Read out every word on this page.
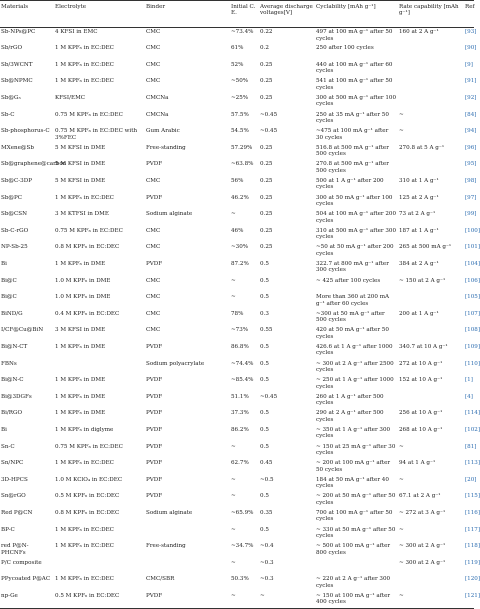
Materials	Electrolyte	Binder	Initial C. E.	Average discharge voltages[V]	Cyclability [mAh g⁻¹]	Rate capability [mAh g⁻¹]	Ref
Sb-NPs@PC	4 KFSI in EMC	CMC	~73.4%	0.22	497 at 100 mA g⁻¹ after 50 cycles	160 at 2 A g⁻¹	[93]
Sb/rGO	1 M KPF₆ in EC:DEC	CMC	61%	0.2	250 after 100 cycles		[90]
Sb/3WCNT	1 M KPF₆ in EC:DEC	CMC	52%	0.25	440 at 100 mA g⁻¹ after 60 cycles		[9]
Sb@NPMC	1 M KPF₆ in EC:DEC	CMC	~50%	0.25	541 at 100 mA g⁻¹ after 50 cycles		[91]
Sb@G₃	KFSI/EMC	CMCNa	~25%	0.25	300 at 500 mA g⁻¹ after 100 cycles		[92]
Sb-C	0.75 M KPF₆ in EC:DEC	CMCNa	57.5%	~0.45	250 at 35 mA g⁻¹ after 50 cycles	~	[84]
Sb-phosphorus-C	0.75 M KPF₆ in EC:DEC with 3%FEC	Gum Arabic	54.5%	~0.45	~475 at 100 mA g⁻¹ after 30 cycles	~	[94]
MXene@Sb	5 M KFSI in DME	Free-standing	57.29%	0.25	516.8 at 500 mA g⁻¹ after 500 cycles	270.8 at 5 A g⁻¹	[96]
Sb@graphene@carbon	5 M KFSI in DME	PVDF	~63.8%	0.25	270.8 at 500 mA g⁻¹ after 500 cycles		[95]
Sb@C-3DP	5 M KFSI in DME	CMC	56%	0.25	500 at 1 A g⁻¹ after 200 cycles	310 at 1 A g⁻¹	[98]
Sb@PC	1 M KPF₆ in EC:DEC	PVDF	46.2%	0.25	300 at 50 mA g⁻¹ after 100 cycles	125 at 2 A g⁻¹	[97]
Sb@CSN	3 M KTFSI in DME	Sodium alginate	~	0.25	504 at 100 mA g⁻¹ after 200 cycles	73 at 2 A g⁻¹	[99]
Sb-C-rGO	0.75 M KPF₆ in EC:DEC	CMC	46%	0.25	310 at 500 mA g⁻¹ after 300 cycles	187 at 1 A g⁻¹	[100]
NP-Sb-25	0.8 M KPF₆ in EC:DEC	CMC	~30%	0.25	~50 at 50 mA g⁻¹ after 200 cycles	265 at 500 mA g⁻¹	[101]
Bi	1 M KPF₆ in DME	PVDF	87.2%	0.5	322.7 at 800 mA g⁻¹ after 300 cycles	384 at 2 A g⁻¹	[104]
Bi@C	1.0 M KPF₆ in DME	CMC	~	0.5	~ 425 after 100 cycles	~ 150 at 2 A g⁻¹	[106]
Bi@C	1.0 M KPF₆ in DME	CMC	~	0.5	More than 360 at 200 mA g⁻¹ after 60 cycles		[105]
BiND/G	0.4 M KPF₆ in EC:DEC	CMC	78%	0.3	~300 at 50 mA g⁻¹ after 500 cycles	200 at 1 A g⁻¹	[107]
I/CF@Cu@BiN	3 M KFSI in DME	CMC	~73%	0.55	420 at 50 mA g⁻¹ after 50 cycles		[108]
Bi@N-CT	1 M KPF₆ in DME	PVDF	86.8%	0.5	426.6 at 1 A g⁻¹ after 1000 cycles	340.7 at 10 A g⁻¹	[109]
FBNs		Sodium polyacrylate	~74.4%	0.5	~ 300 at 2 A g⁻¹ after 2500 cycles	272 at 10 A g⁻¹	[110]
Bi@N-C	1 M KPF₆ in DME	PVDF	~85.4%	0.5	~ 250 at 1 A g⁻¹ after 1000 cycles	152 at 10 A g⁻¹	[1]
Bi@3DGFs	1 M KPF₆ in DME	PVDF	51.1%	~0.45	260 at 1 A g⁻¹ after 500 cycles		[4]
Bi/RGO	1 M KPF₆ in DME	PVDF	37.3%	0.5	290 at 2 A g⁻¹ after 500 cycles	256 at 10 A g⁻¹	[114]
Bi	1 M KPF₆ in diglyme	PVDF	86.2%	0.5	~ 350 at 1 A g⁻¹ after 300 cycles	268 at 10 A g⁻¹	[102]
Sn-C	0.75 M KPF₆ in EC:DEC	PVDF	~	0.5	~ 150 at 25 mA g⁻¹ after 30 cycles	~	[81]
Sn/NPC	1 M KPF₆ in EC:DEC	PVDF	62.7%	0.45	~ 200 at 100 mA g⁻¹ after 50 cycles	94 at 1 A g⁻¹	[113]
3D-HPCS	1.0 M KClO₄ in EC:DEC	PVDF	~	~0.5	184 at 50 mA g⁻¹ after 40 cycles	~	[20]
Sn@rGO	0.5 M KPF₆ in EC:DEC	PVDF	~	0.5	~ 200 at 50 mA g⁻¹ after 50 cycles	67.1 at 2 A g⁻¹	[115]
Red P@CN	0.8 M KPF₆ in EC:DEC	Sodium alginate	~65.9%	0.35	700 at 100 mA g⁻¹ after 50 cycles	~ 272 at 3 A g⁻¹	[116]
BP-C	1 M KPF₆ in EC:DEC		~	0.5	~ 330 at 50 mA g⁻¹ after 50 cycles	~	[117]
red P@N-PHCNFs	1 M KPF₆ in EC:DEC	Free-standing	~34.7%	~0.4	~ 500 at 100 mA g⁻¹ after 800 cycles	~ 300 at 2 A g⁻¹	[118]
P/C composite			~	~0.3		~ 300 at 2 A g⁻¹	[119]
PPycoated P@AC	1 M KPF₆ in EC:DEC	CMC/SBR	50.3%	~0.3	~ 220 at 2 A g⁻¹ after 300 cycles		[120]
np-Ge	0.5 M KPF₆ in EC:DEC	PVDF	~	~	~ 150 at 100 mA g⁻¹ after 400 cycles	~	[121]
